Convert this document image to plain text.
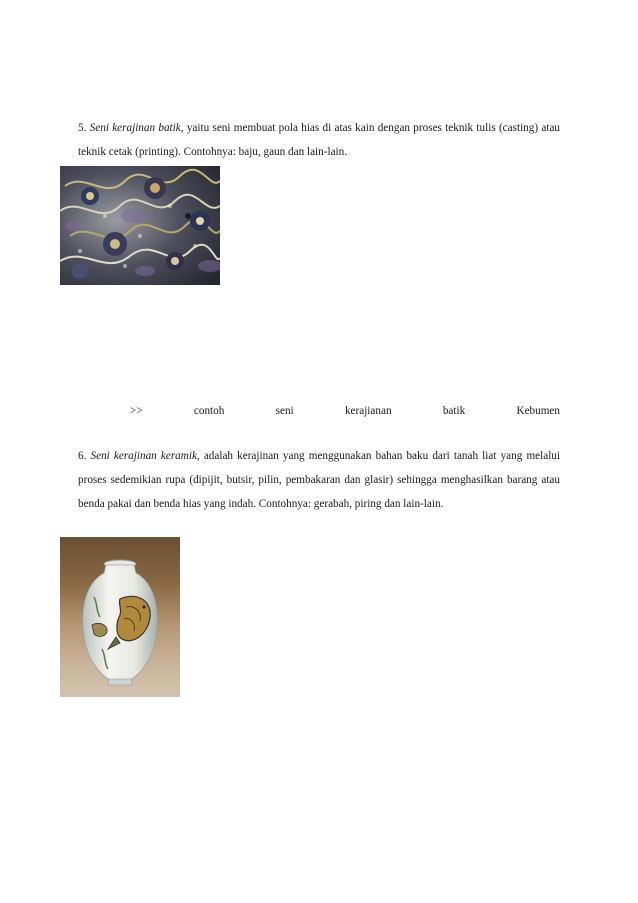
5. Seni kerajinan batik, yaitu seni membuat pola hias di atas kain dengan proses teknik tulis (casting) atau teknik cetak (printing). Contohnya: baju, gaun dan lain-lain.

>>	contoh	seni	kerajianan	batik	Kebumen

6. Seni kerajinan keramik, adalah kerajinan yang menggunakan bahan baku dari tanah liat yang melalui proses sedemikian rupa (dipijit, butsir, pilin, pembakaran dan glasir) sehingga menghasilkan barang atau benda pakai dan benda hias yang indah. Contohnya: gerabah, piring dan lain-lain.
